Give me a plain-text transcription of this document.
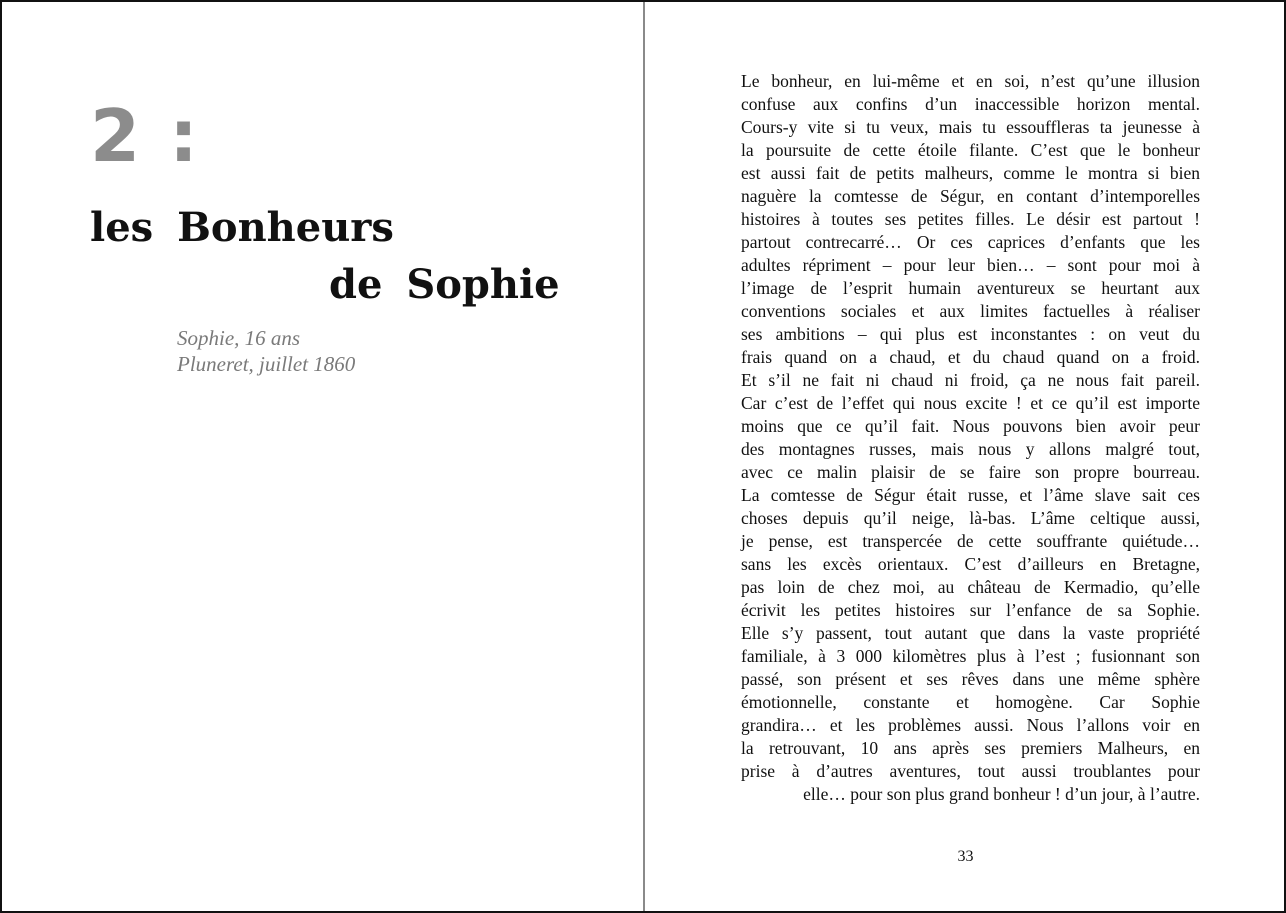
2 :

les Bonheurs

de Sophie

Sophie, 16 ans
Pluneret, juillet 1860

Le bonheur, en lui-même et en soi, n’est qu’une illusion
confuse aux confins d’un inaccessible horizon mental.
Cours-y vite si tu veux, mais tu essouffleras ta jeunesse à
la poursuite de cette étoile filante. C’est que le bonheur
est aussi fait de petits malheurs, comme le montra si bien
naguère la comtesse de Ségur, en contant d’intemporelles
histoires à toutes ses petites filles. Le désir est partout !
partout contrecarré… Or ces caprices d’enfants que les
adultes répriment – pour leur bien… – sont pour moi à
l’image de l’esprit humain aventureux se heurtant aux
conventions sociales et aux limites factuelles à réaliser
ses ambitions – qui plus est inconstantes : on veut du
frais quand on a chaud, et du chaud quand on a froid.
Et s’il ne fait ni chaud ni froid, ça ne nous fait pareil.
Car c’est de l’effet qui nous excite ! et ce qu’il est importe
moins que ce qu’il fait. Nous pouvons bien avoir peur
des montagnes russes, mais nous y allons malgré tout,
avec ce malin plaisir de se faire son propre bourreau.
La comtesse de Ségur était russe, et l’âme slave sait ces
choses depuis qu’il neige, là-bas. L’âme celtique aussi,
je pense, est transpercée de cette souffrante quiétude…
sans les excès orientaux. C’est d’ailleurs en Bretagne,
pas loin de chez moi, au château de Kermadio, qu’elle
écrivit les petites histoires sur l’enfance de sa Sophie.
Elle s’y passent, tout autant que dans la vaste propriété
familiale, à 3 000 kilomètres plus à l’est ; fusionnant son
passé, son présent et ses rêves dans une même sphère
émotionnelle, constante et homogène. Car Sophie
grandira… et les problèmes aussi. Nous l’allons voir en
la retrouvant, 10 ans après ses premiers Malheurs, en
prise à d’autres aventures, tout aussi troublantes pour
elle… pour son plus grand bonheur ! d’un jour, à l’autre.

33
